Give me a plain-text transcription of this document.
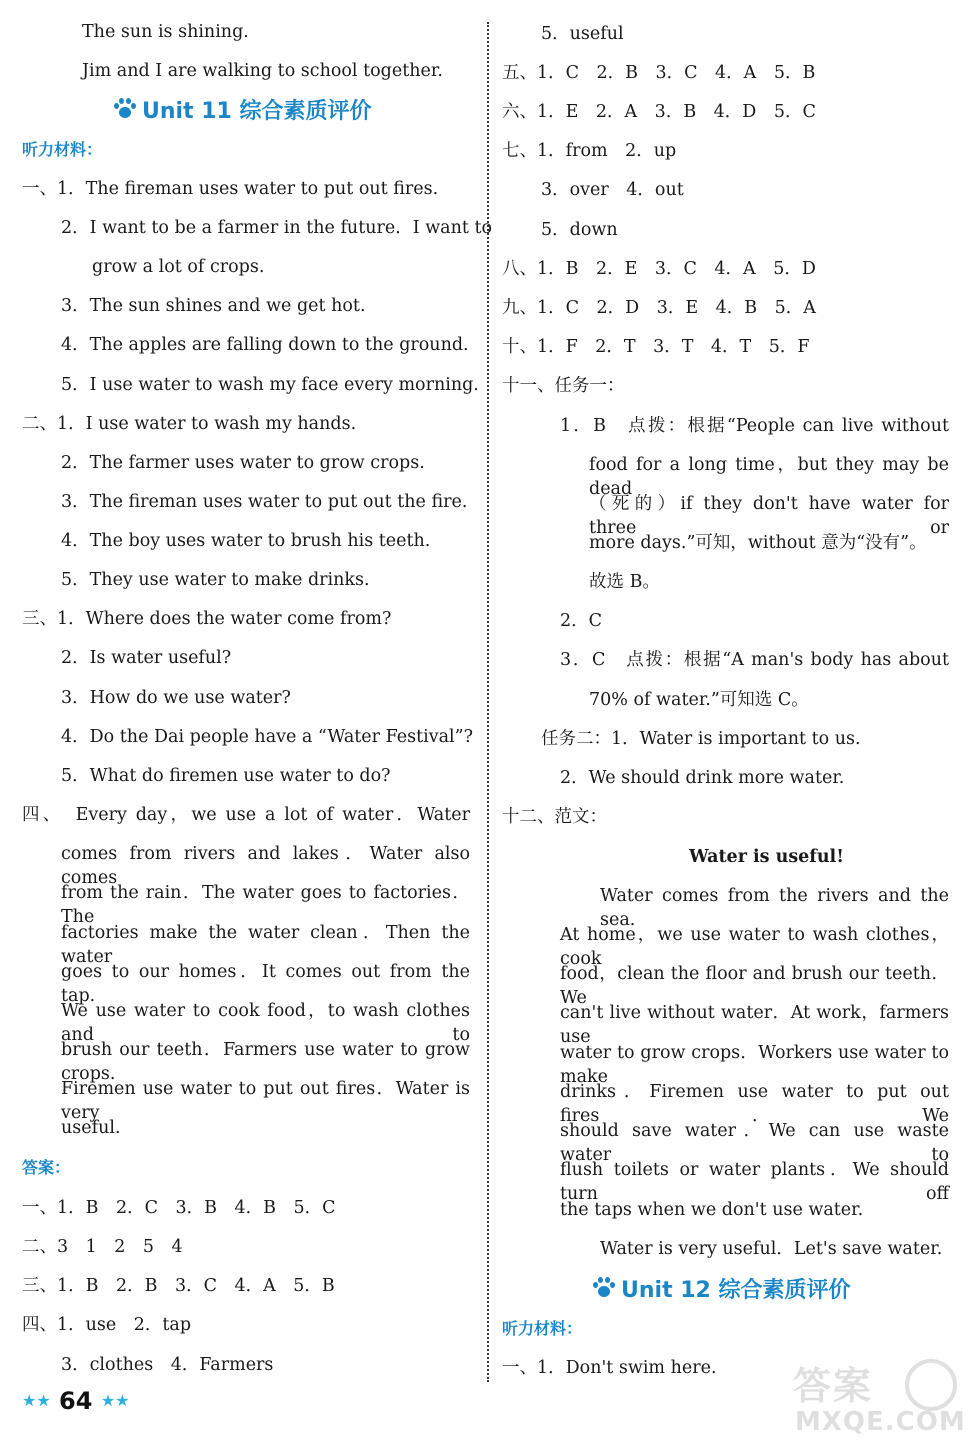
The sun is shining.
Jim and I are walking to school together.
Unit 11 综合素质评价
听力材料：
一、1．The fireman uses water to put out fires.
2．I want to be a farmer in the future．I want to
grow a lot of crops.
3．The sun shines and we get hot.
4．The apples are falling down to the ground.
5．I use water to wash my face every morning.
二、1．I use water to wash my hands.
2．The farmer uses water to grow crops.
3．The fireman uses water to put out the fire.
4．The boy uses water to brush his teeth.
5．They use water to make drinks.
三、1．Where does the water come from?
2．Is water useful?
3．How do we use water?
4．Do the Dai people have a “Water Festival”?
5．What do firemen use water to do?
四、　Every day，we use a lot of water．Water
comes from rivers and lakes．Water also comes
from the rain．The water goes to factories．The
factories make the water clean．Then the water
goes to our homes．It comes out from the tap.
We use water to cook food，to wash clothes and to
brush our teeth．Farmers use water to grow crops.
Firemen use water to put out fires．Water is very
useful.
答案：
一、1．B　2．C　3．B　4．B　5．C
二、3　1　2　5　4
三、1．B　2．B　3．C　4．A　5．B
四、1．use　2．tap
3．clothes　4．Farmers
★★ 64 ★★
5．useful
五、1．C　2．B　3．C　4．A　5．B
六、1．E　2．A　3．B　4．D　5．C
七、1．from　2．up
3．over　4．out
5．down
八、1．B　2．E　3．C　4．A　5．D
九、1．C　2．D　3．E　4．B　5．A
十、1．F　2．T　3．T　4．T　5．F
十一、任务一：
1．B　点拨：根据“People can live without
food for a long time，but they may be dead
（死的）if they don't have water for three or
more days.”可知，without 意为“没有”。
故选 B。
2．C
3．C　点拨：根据“A man's body has about
70% of water.”可知选 C。
任务二：1．Water is important to us.
2．We should drink more water.
十二、范文：
Water is useful!
Water comes from the rivers and the sea.
At home，we use water to wash clothes，cook
food，clean the floor and brush our teeth．We
can't live without water．At work，farmers use
water to grow crops．Workers use water to make
drinks．Firemen use water to put out fires．We
should save water．We can use waste water to
flush toilets or water plants．We should turn off
the taps when we don't use water.
Water is very useful．Let's save water.
Unit 12 综合素质评价
听力材料：
一、1．Don't swim here. 答案
MXQE.COM
